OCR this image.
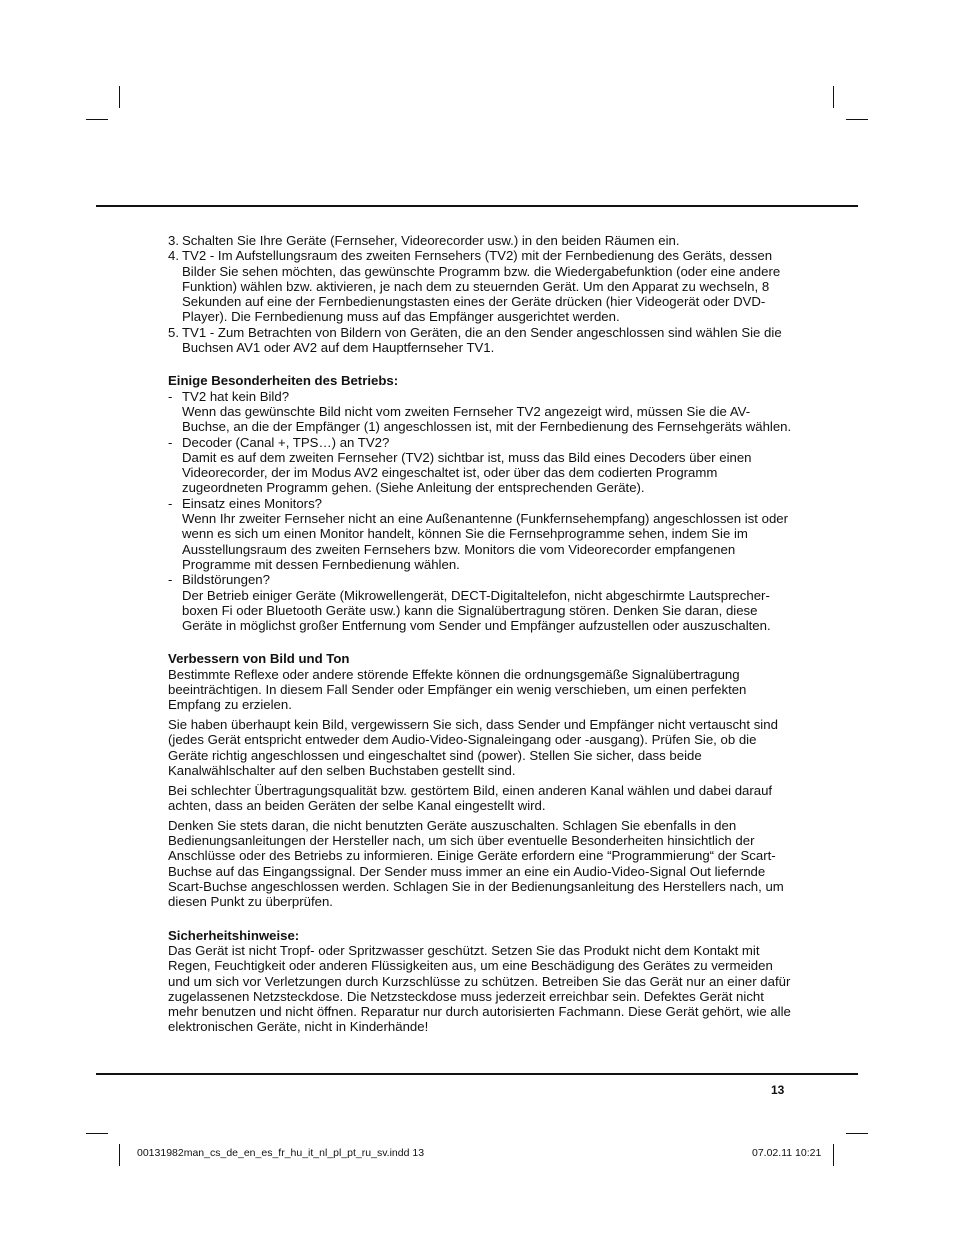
3. Schalten Sie Ihre Geräte (Fernseher, Videorecorder usw.) in den beiden Räumen ein.
4. TV2 - Im Aufstellungsraum des zweiten Fernsehers (TV2) mit der Fernbedienung des Geräts, dessen Bilder Sie sehen möchten, das gewünschte Programm bzw. die Wiedergabefunktion (oder eine andere Funktion) wählen bzw. aktivieren, je nach dem zu steuernden Gerät. Um den Apparat zu wechseln, 8 Sekunden auf eine der Fernbedienungstasten eines der Geräte drücken (hier Videogerät oder DVD-Player). Die Fernbedienung muss auf das Empfänger ausgerichtet werden.
5. TV1 - Zum Betrachten von Bildern von Geräten, die an den Sender angeschlossen sind wählen Sie die Buchsen AV1 oder AV2 auf dem Hauptfernseher TV1.
Einige Besonderheiten des Betriebs:
- TV2 hat kein Bild?
Wenn das gewünschte Bild nicht vom zweiten Fernseher TV2 angezeigt wird, müssen Sie die AV-Buchse, an die der Empfänger (1) angeschlossen ist, mit der Fernbedienung des Fernsehgeräts wählen.
- Decoder (Canal +, TPS…) an TV2?
Damit es auf dem zweiten Fernseher (TV2) sichtbar ist, muss das Bild eines Decoders über einen Videorecorder, der im Modus AV2 eingeschaltet ist, oder über das dem codierten Programm zugeordneten Programm gehen. (Siehe Anleitung der entsprechenden Geräte).
- Einsatz eines Monitors?
Wenn Ihr zweiter Fernseher nicht an eine Außenantenne (Funkfernsehempfang) angeschlossen ist oder wenn es sich um einen Monitor handelt, können Sie die Fernsehprogramme sehen, indem Sie im Ausstellungsraum des zweiten Fernsehers bzw. Monitors die vom Videorecorder empfangenen Programme mit dessen Fernbedienung wählen.
- Bildstörungen?
Der Betrieb einiger Geräte (Mikrowellengerät, DECT-Digitaltelefon, nicht abgeschirmte Lautsprecher-boxen Fi oder Bluetooth Geräte usw.) kann die Signalübertragung stören. Denken Sie daran, diese Geräte in möglichst großer Entfernung vom Sender und Empfänger aufzustellen oder auszuschalten.
Verbessern von Bild und Ton

Bestimmte Reflexe oder andere störende Effekte können die ordnungsgemäße Signalübertragung beeinträchtigen. In diesem Fall Sender oder Empfänger ein wenig verschieben, um einen perfekten Empfang zu erzielen.

Sie haben überhaupt kein Bild, vergewissern Sie sich, dass Sender und Empfänger nicht vertauscht sind (jedes Gerät entspricht entweder dem Audio-Video-Signaleingang oder -ausgang). Prüfen Sie, ob die Geräte richtig angeschlossen und eingeschaltet sind (power). Stellen Sie sicher, dass beide Kanalwählschalter auf den selben Buchstaben gestellt sind.

Bei schlechter Übertragungsqualität bzw. gestörtem Bild, einen anderen Kanal wählen und dabei darauf achten, dass an beiden Geräten der selbe Kanal eingestellt wird.

Denken Sie stets daran, die nicht benutzten Geräte auszuschalten. Schlagen Sie ebenfalls in den Bedienungsanleitungen der Hersteller nach, um sich über eventuelle Besonderheiten hinsichtlich der Anschlüsse oder des Betriebs zu informieren. Einige Geräte erfordern eine “Programmierung“ der Scart-Buchse auf das Eingangssignal. Der Sender muss immer an eine ein Audio-Video-Signal Out liefernde Scart-Buchse angeschlossen werden. Schlagen Sie in der Bedienungsanleitung des Herstellers nach, um diesen Punkt zu überprüfen.

Sicherheitshinweise:

Das Gerät ist nicht Tropf- oder Spritzwasser geschützt. Setzen Sie das Produkt nicht dem Kontakt mit Regen, Feuchtigkeit oder anderen Flüssigkeiten aus, um eine Beschädigung des Gerätes zu vermeiden und um sich vor Verletzungen durch Kurzschlüsse zu schützen. Betreiben Sie das Gerät nur an einer dafür zugelassenen Netzsteckdose. Die Netzsteckdose muss jederzeit erreichbar sein. Defektes Gerät nicht mehr benutzen und nicht öffnen. Reparatur nur durch autorisierten Fachmann. Diese Gerät gehört, wie alle elektronischen Geräte, nicht in Kinderhände!

13
00131982man_cs_de_en_es_fr_hu_it_nl_pl_pt_ru_sv.indd 13	07.02.11 10:21
